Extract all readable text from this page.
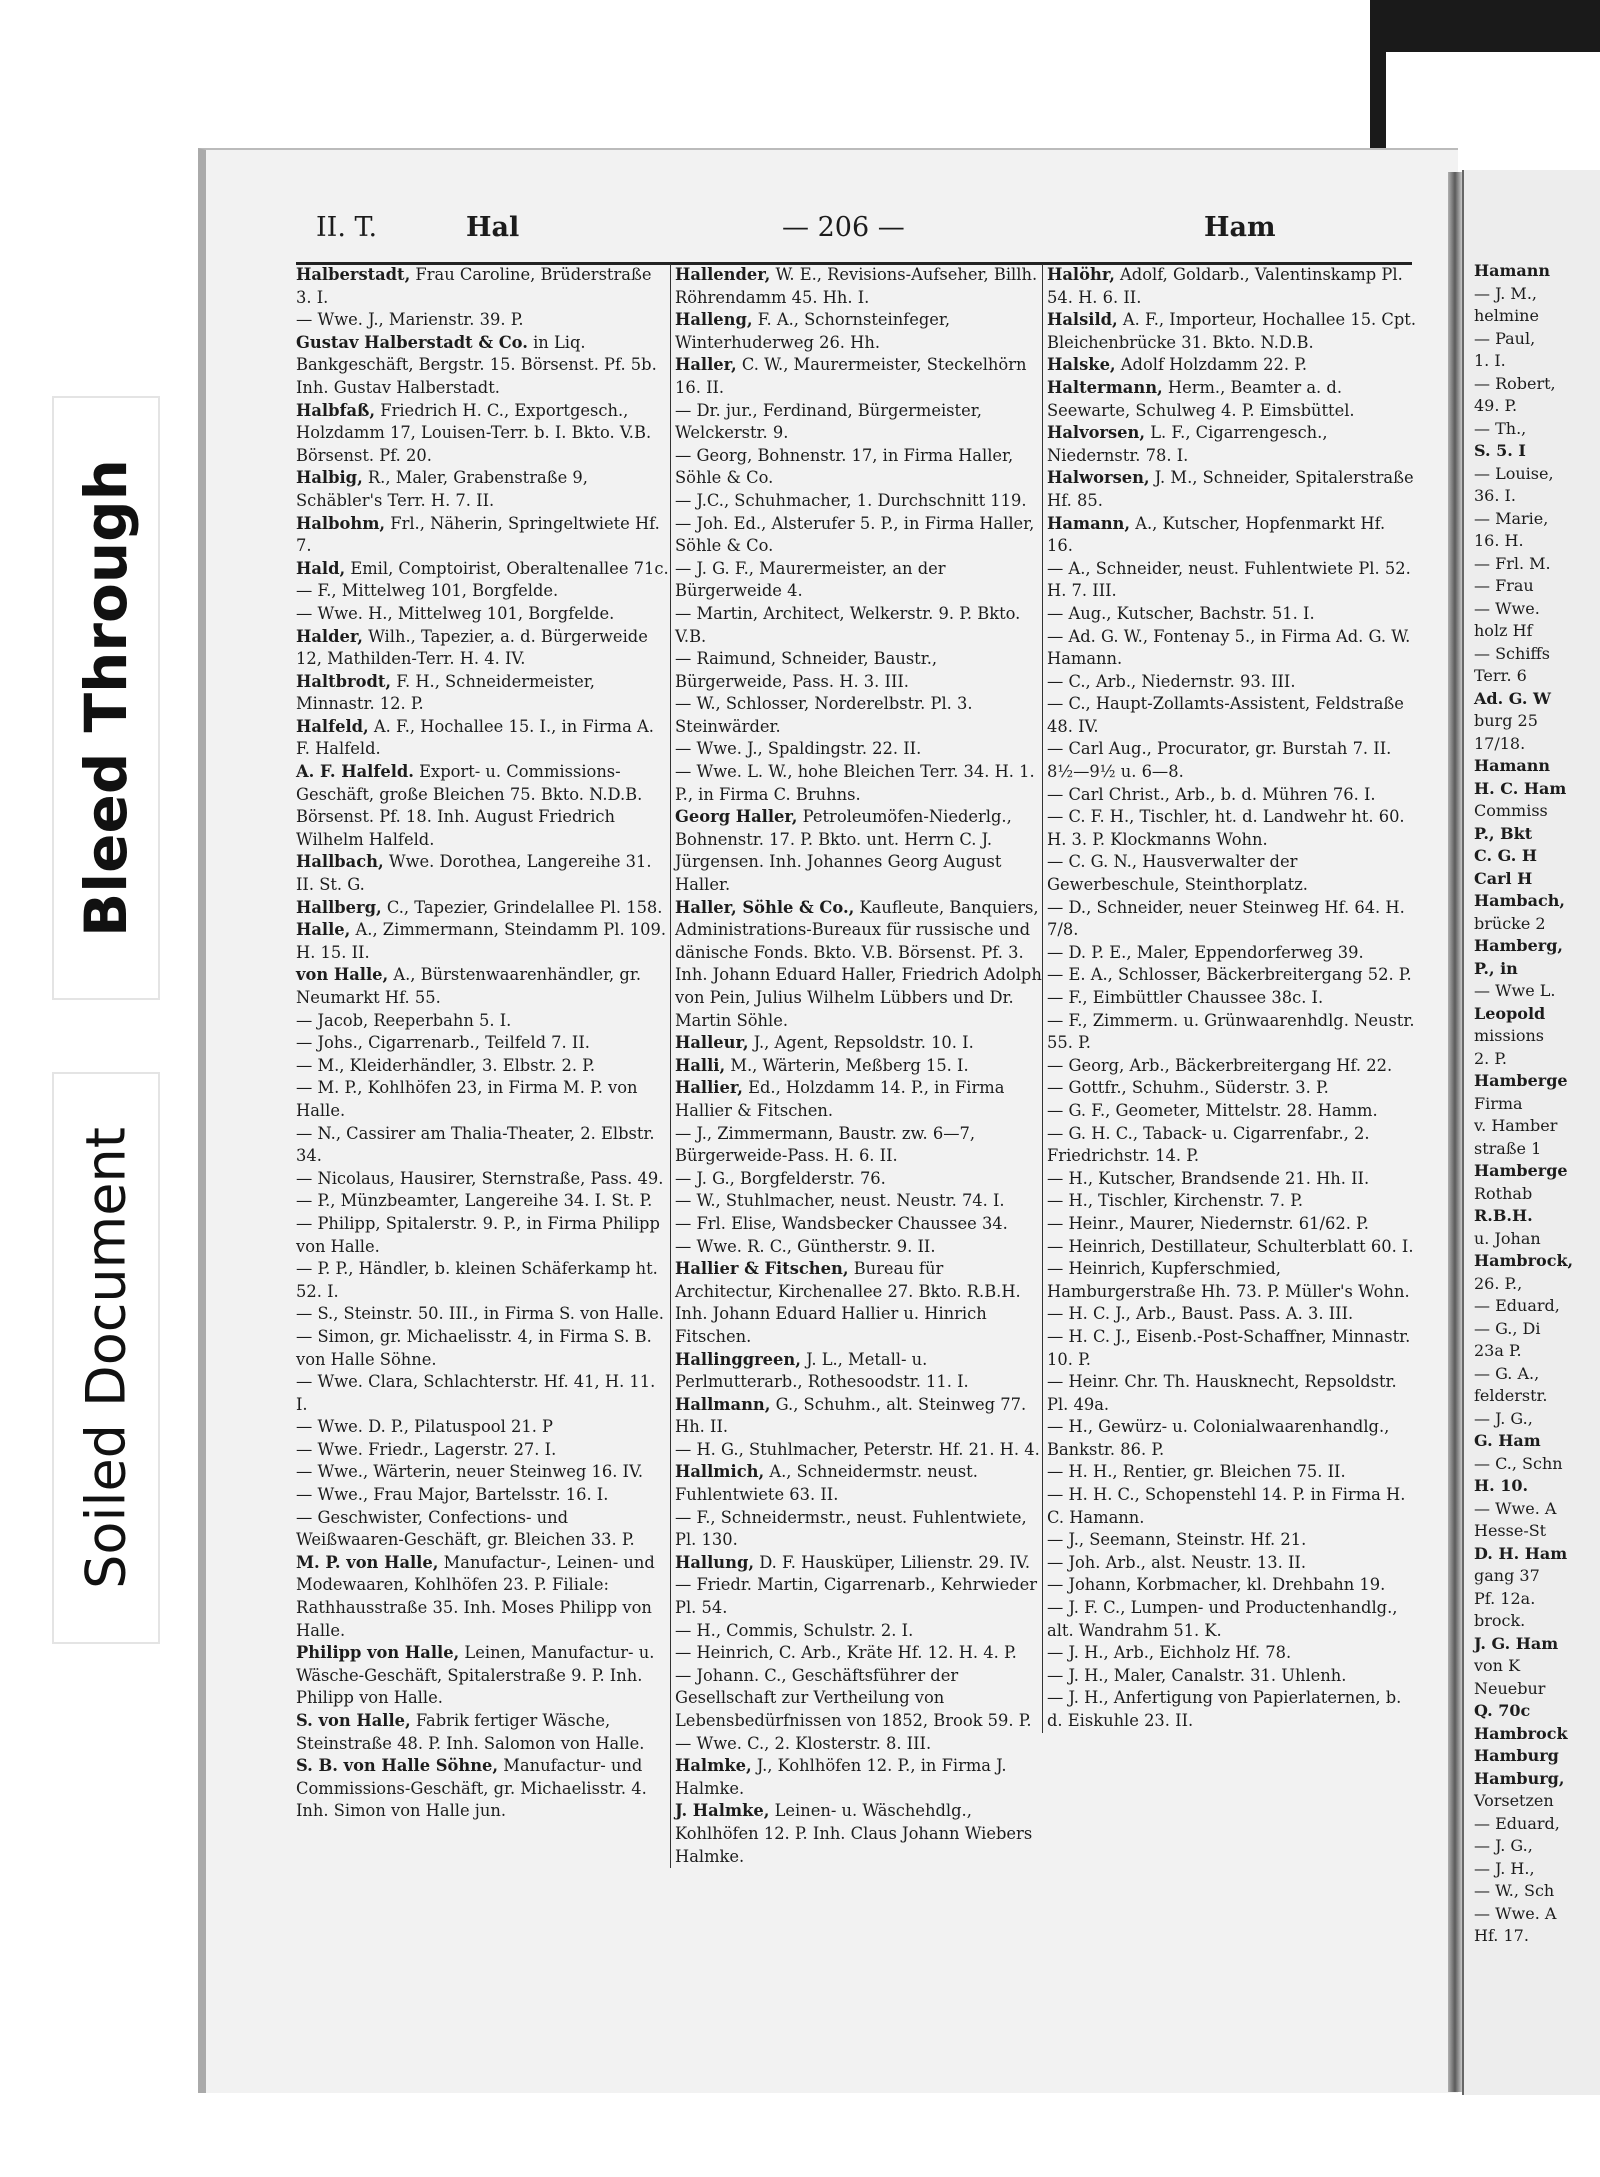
Bleed Through
Soiled Document
Hamann
— J. M.,
helmine
— Paul,
1. I.
— Robert,
49. P.
— Th.,
S. 5. I
— Louise,
36. I.
— Marie,
16. H.
— Frl. M.
— Frau
— Wwe.
holz Hf
— Schiffs
Terr. 6
Ad. G. W
burg 25
17/18.
Hamann
H. C. Ham
Commiss
P., Bkt
C. G. H
Carl H
Hambach,
brücke 2
Hamberg,
P., in
— Wwe L.
Leopold
missions
2. P.
Hamberge
Firma
v. Hamber
straße 1
Hamberge
Rothab
R.B.H.
u. Johan
Hambrock,
26. P.,
— Eduard,
— G., Di
23a P.
— G. A.,
felderstr.
— J. G.,
G. Ham
— C., Schn
H. 10.
— Wwe. A
Hesse-St
D. H. Ham
gang 37
Pf. 12a.
brock.
J. G. Ham
von K
Neuebur
Q. 70c
Hambrock
Hamburg
Hamburg,
Vorsetzen
— Eduard,
— J. G.,
— J. H.,
— W., Sch
— Wwe. A
Hf. 17.
II. T.	Hal	— 206 —	Ham
Halberstadt, Frau Caroline, Brüderstraße 3. I.
— Wwe. J., Marienstr. 39. P.
Gustav Halberstadt & Co. in Liq. Bankgeschäft, Bergstr. 15. Börsenst. Pf. 5b. Inh. Gustav Halberstadt.
Halbfaß, Friedrich H. C., Exportgesch., Holzdamm 17, Louisen-Terr. b. I. Bkto. V.B. Börsenst. Pf. 20.
Halbig, R., Maler, Grabenstraße 9, Schäbler's Terr. H. 7. II.
Halbohm, Frl., Näherin, Springeltwiete Hf. 7.
Hald, Emil, Comptoirist, Oberaltenallee 71c.
— F., Mittelweg 101, Borgfelde.
— Wwe. H., Mittelweg 101, Borgfelde.
Halder, Wilh., Tapezier, a. d. Bürgerweide 12, Mathilden-Terr. H. 4. IV.
Haltbrodt, F. H., Schneidermeister, Minnastr. 12. P.
Halfeld, A. F., Hochallee 15. I., in Firma A. F. Halfeld.
A. F. Halfeld. Export- u. Commissions-Geschäft, große Bleichen 75. Bkto. N.D.B. Börsenst. Pf. 18. Inh. August Friedrich Wilhelm Halfeld.
Hallbach, Wwe. Dorothea, Langereihe 31. II. St. G.
Hallberg, C., Tapezier, Grindelallee Pl. 158.
Halle, A., Zimmermann, Steindamm Pl. 109. H. 15. II.
von Halle, A., Bürstenwaarenhändler, gr. Neumarkt Hf. 55.
— Jacob, Reeperbahn 5. I.
— Johs., Cigarrenarb., Teilfeld 7. II.
— M., Kleiderhändler, 3. Elbstr. 2. P.
— M. P., Kohlhöfen 23, in Firma M. P. von Halle.
— N., Cassirer am Thalia-Theater, 2. Elbstr. 34.
— Nicolaus, Hausirer, Sternstraße, Pass. 49.
— P., Münzbeamter, Langereihe 34. I. St. P.
— Philipp, Spitalerstr. 9. P., in Firma Philipp von Halle.
— P. P., Händler, b. kleinen Schäferkamp ht. 52. I.
— S., Steinstr. 50. III., in Firma S. von Halle.
— Simon, gr. Michaelisstr. 4, in Firma S. B. von Halle Söhne.
— Wwe. Clara, Schlachterstr. Hf. 41, H. 11. I.
— Wwe. D. P., Pilatuspool 21. P
— Wwe. Friedr., Lagerstr. 27. I.
— Wwe., Wärterin, neuer Steinweg 16. IV.
— Wwe., Frau Major, Bartelsstr. 16. I.
— Geschwister, Confections- und Weißwaaren-Geschäft, gr. Bleichen 33. P.
M. P. von Halle, Manufactur-, Leinen- und Modewaaren, Kohlhöfen 23. P. Filiale: Rathhausstraße 35. Inh. Moses Philipp von Halle.
Philipp von Halle, Leinen, Manufactur- u. Wäsche-Geschäft, Spitalerstraße 9. P. Inh. Philipp von Halle.
S. von Halle, Fabrik fertiger Wäsche, Steinstraße 48. P. Inh. Salomon von Halle.
S. B. von Halle Söhne, Manufactur- und Commissions-Geschäft, gr. Michaelisstr. 4. Inh. Simon von Halle jun.
Hallender, W. E., Revisions-Aufseher, Billh. Röhrendamm 45. Hh. I.
Halleng, F. A., Schornsteinfeger, Winterhuderweg 26. Hh.
Haller, C. W., Maurermeister, Steckelhörn 16. II.
— Dr. jur., Ferdinand, Bürgermeister, Welckerstr. 9.
— Georg, Bohnenstr. 17, in Firma Haller, Söhle & Co.
— J.C., Schuhmacher, 1. Durchschnitt 119.
— Joh. Ed., Alsterufer 5. P., in Firma Haller, Söhle & Co.
— J. G. F., Maurermeister, an der Bürgerweide 4.
— Martin, Architect, Welkerstr. 9. P. Bkto. V.B.
— Raimund, Schneider, Baustr., Bürgerweide, Pass. H. 3. III.
— W., Schlosser, Norderelbstr. Pl. 3. Steinwärder.
— Wwe. J., Spaldingstr. 22. II.
— Wwe. L. W., hohe Bleichen Terr. 34. H. 1. P., in Firma C. Bruhns.
Georg Haller, Petroleumöfen-Niederlg., Bohnenstr. 17. P. Bkto. unt. Herrn C. J. Jürgensen. Inh. Johannes Georg August Haller.
Haller, Söhle & Co., Kaufleute, Banquiers, Administrations-Bureaux für russische und dänische Fonds. Bkto. V.B. Börsenst. Pf. 3. Inh. Johann Eduard Haller, Friedrich Adolph von Pein, Julius Wilhelm Lübbers und Dr. Martin Söhle.
Halleur, J., Agent, Repsoldstr. 10. I.
Halli, M., Wärterin, Meßberg 15. I.
Hallier, Ed., Holzdamm 14. P., in Firma Hallier & Fitschen.
— J., Zimmermann, Baustr. zw. 6—7, Bürgerweide-Pass. H. 6. II.
— J. G., Borgfelderstr. 76.
— W., Stuhlmacher, neust. Neustr. 74. I.
— Frl. Elise, Wandsbecker Chaussee 34.
— Wwe. R. C., Güntherstr. 9. II.
Hallier & Fitschen, Bureau für Architectur, Kirchenallee 27. Bkto. R.B.H. Inh. Johann Eduard Hallier u. Hinrich Fitschen.
Hallinggreen, J. L., Metall- u. Perlmutterarb., Rothesoodstr. 11. I.
Hallmann, G., Schuhm., alt. Steinweg 77. Hh. II.
— H. G., Stuhlmacher, Peterstr. Hf. 21. H. 4.
Hallmich, A., Schneidermstr. neust. Fuhlentwiete 63. II.
— F., Schneidermstr., neust. Fuhlentwiete, Pl. 130.
Hallung, D. F. Hausküper, Lilienstr. 29. IV.
— Friedr. Martin, Cigarrenarb., Kehrwieder Pl. 54.
— H., Commis, Schulstr. 2. I.
— Heinrich, C. Arb., Kräte Hf. 12. H. 4. P.
— Johann. C., Geschäftsführer der Gesellschaft zur Vertheilung von Lebensbedürfnissen von 1852, Brook 59. P.
— Wwe. C., 2. Klosterstr. 8. III.
Halmke, J., Kohlhöfen 12. P., in Firma J. Halmke.
J. Halmke, Leinen- u. Wäschehdlg., Kohlhöfen 12. P. Inh. Claus Johann Wiebers Halmke.
Halöhr, Adolf, Goldarb., Valentinskamp Pl. 54. H. 6. II.
Halsild, A. F., Importeur, Hochallee 15. Cpt. Bleichenbrücke 31. Bkto. N.D.B.
Halske, Adolf Holzdamm 22. P.
Haltermann, Herm., Beamter a. d. Seewarte, Schulweg 4. P. Eimsbüttel.
Halvorsen, L. F., Cigarrengesch., Niedernstr. 78. I.
Halworsen, J. M., Schneider, Spitalerstraße Hf. 85.
Hamann, A., Kutscher, Hopfenmarkt Hf. 16.
— A., Schneider, neust. Fuhlentwiete Pl. 52. H. 7. III.
— Aug., Kutscher, Bachstr. 51. I.
— Ad. G. W., Fontenay 5., in Firma Ad. G. W. Hamann.
— C., Arb., Niedernstr. 93. III.
— C., Haupt-Zollamts-Assistent, Feldstraße 48. IV.
— Carl Aug., Procurator, gr. Burstah 7. II. 8½—9½ u. 6—8.
— Carl Christ., Arb., b. d. Mühren 76. I.
— C. F. H., Tischler, ht. d. Landwehr ht. 60. H. 3. P. Klockmanns Wohn.
— C. G. N., Hausverwalter der Gewerbeschule, Steinthorplatz.
— D., Schneider, neuer Steinweg Hf. 64. H. 7/8.
— D. P. E., Maler, Eppendorferweg 39.
— E. A., Schlosser, Bäckerbreitergang 52. P.
— F., Eimbüttler Chaussee 38c. I.
— F., Zimmerm. u. Grünwaarenhdlg. Neustr. 55. P.
— Georg, Arb., Bäckerbreitergang Hf. 22.
— Gottfr., Schuhm., Süderstr. 3. P.
— G. F., Geometer, Mittelstr. 28. Hamm.
— G. H. C., Taback- u. Cigarrenfabr., 2. Friedrichstr. 14. P.
— H., Kutscher, Brandsende 21. Hh. II.
— H., Tischler, Kirchenstr. 7. P.
— Heinr., Maurer, Niedernstr. 61/62. P.
— Heinrich, Destillateur, Schulterblatt 60. I.
— Heinrich, Kupferschmied, Hamburgerstraße Hh. 73. P. Müller's Wohn.
— H. C. J., Arb., Baust. Pass. A. 3. III.
— H. C. J., Eisenb.-Post-Schaffner, Minnastr. 10. P.
— Heinr. Chr. Th. Hausknecht, Repsoldstr. Pl. 49a.
— H., Gewürz- u. Colonialwaarenhandlg., Bankstr. 86. P.
— H. H., Rentier, gr. Bleichen 75. II.
— H. H. C., Schopenstehl 14. P. in Firma H. C. Hamann.
— J., Seemann, Steinstr. Hf. 21.
— Joh. Arb., alst. Neustr. 13. II.
— Johann, Korbmacher, kl. Drehbahn 19.
— J. F. C., Lumpen- und Productenhandlg., alt. Wandrahm 51. K.
— J. H., Arb., Eichholz Hf. 78.
— J. H., Maler, Canalstr. 31. Uhlenh.
— J. H., Anfertigung von Papierlaternen, b. d. Eiskuhle 23. II.
